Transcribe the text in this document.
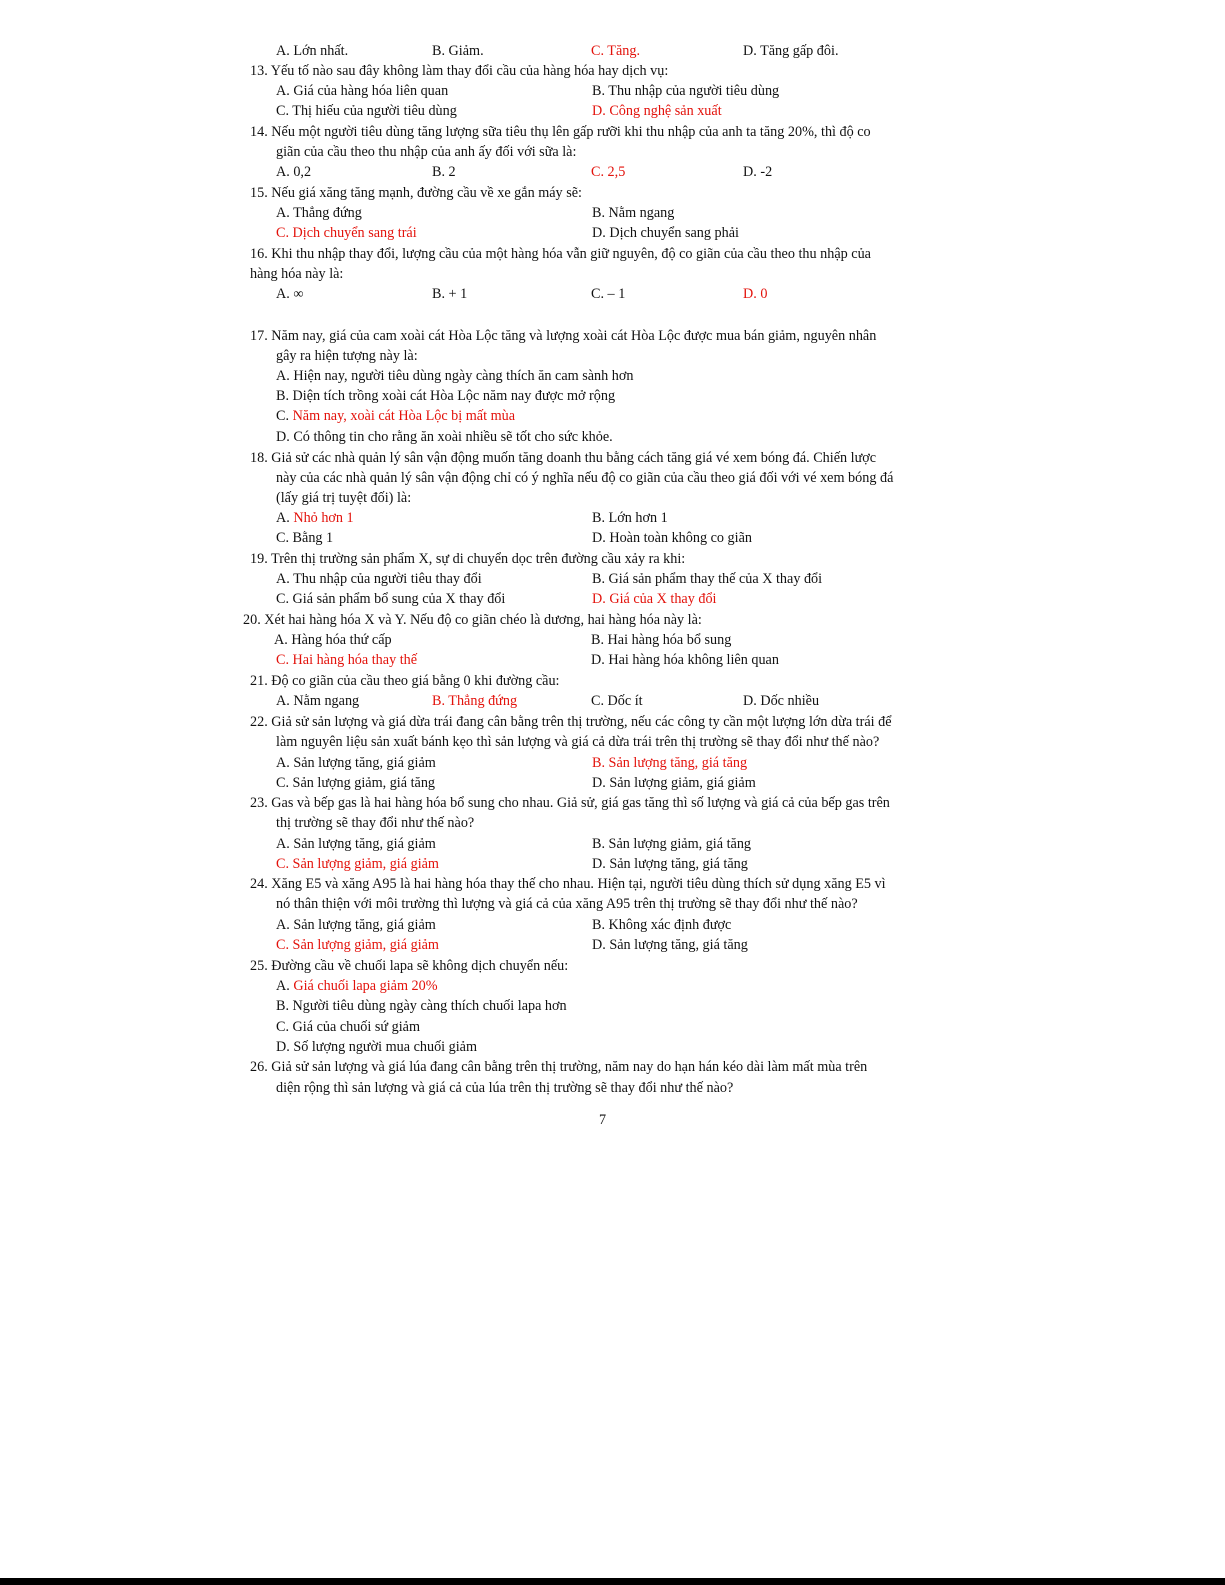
A. Lớn nhất.	B. Giảm.	C. Tăng.	D. Tăng gấp đôi.
13. Yếu tố nào sau đây không làm thay đổi cầu của hàng hóa hay dịch vụ:
A. Giá của hàng hóa liên quan	B. Thu nhập của người tiêu dùng
C. Thị hiếu của người tiêu dùng	D. Công nghệ sản xuất
14. Nếu một người tiêu dùng tăng lượng sữa tiêu thụ lên gấp rưỡi khi thu nhập của anh ta tăng 20%, thì độ co
giãn của cầu theo thu nhập của anh ấy đối với sữa là:
A. 0,2	B. 2	C. 2,5	D. -2
15. Nếu giá xăng tăng mạnh, đường cầu về xe gắn máy sẽ:
A. Thẳng đứng	B. Nằm ngang
C. Dịch chuyển sang trái	D. Dịch chuyển sang phải
16. Khi thu nhập thay đổi, lượng cầu của một hàng hóa vẫn giữ nguyên, độ co giãn của cầu theo thu nhập của
hàng hóa này là:
A. ∞	B. + 1	C. – 1	D. 0
17. Năm nay, giá của cam xoài cát Hòa Lộc tăng và lượng xoài cát Hòa Lộc được mua bán giảm, nguyên nhân
gây ra hiện tượng này là:
A. Hiện nay, người tiêu dùng ngày càng thích ăn cam sành hơn
B. Diện tích trồng xoài cát Hòa Lộc năm nay được mở rộng
C. Năm nay, xoài cát Hòa Lộc bị mất mùa
D. Có thông tin cho rằng ăn xoài nhiều sẽ tốt cho sức khỏe.
18. Giả sử các nhà quản lý sân vận động muốn tăng doanh thu bằng cách tăng giá vé xem bóng đá. Chiến lược
này của các nhà quản lý sân vận động chỉ có ý nghĩa nếu độ co giãn của cầu theo giá đối với vé xem bóng đá
(lấy giá trị tuyệt đối) là:
A. Nhỏ hơn 1	B. Lớn hơn 1
C. Bằng 1	D. Hoàn toàn không co giãn
19. Trên thị trường sản phẩm X, sự di chuyển dọc trên đường cầu xảy ra khi:
A. Thu nhập của người tiêu thay đổi	B. Giá sản phẩm thay thế của X thay đổi
C. Giá sản phẩm bổ sung của X thay đổi	D. Giá của X thay đổi
20. Xét hai hàng hóa X và Y. Nếu độ co giãn chéo là dương, hai hàng hóa này là:
A. Hàng hóa thứ cấp	B. Hai hàng hóa bổ sung
C. Hai hàng hóa thay thế	D. Hai hàng hóa không liên quan
21. Độ co giãn của cầu theo giá bằng 0 khi đường cầu:
A. Nằm ngang	B. Thẳng đứng	C. Dốc ít	D. Dốc nhiều
22. Giả sử sản lượng và giá dừa trái đang cân bằng trên thị trường, nếu các công ty cần một lượng lớn dừa trái để
làm nguyên liệu sản xuất bánh kẹo thì sản lượng và giá cả dừa trái trên thị trường sẽ thay đổi như thế nào?
A. Sản lượng tăng, giá giảm	B. Sản lượng tăng, giá tăng
C. Sản lượng giảm, giá tăng	D. Sản lượng giảm, giá giảm
23. Gas và bếp gas là hai hàng hóa bổ sung cho nhau. Giả sử, giá gas tăng thì số lượng và giá cả của bếp gas trên
thị trường sẽ thay đổi như thế nào?
A. Sản lượng tăng, giá giảm	B. Sản lượng giảm, giá tăng
C. Sản lượng giảm, giá giảm	D. Sản lượng tăng, giá tăng
24. Xăng E5 và xăng A95 là hai hàng hóa thay thế cho nhau. Hiện tại, người tiêu dùng thích sử dụng xăng E5 vì
nó thân thiện với môi trường thì lượng và giá cả của xăng A95 trên thị trường sẽ thay đổi như thế nào?
A. Sản lượng tăng, giá giảm	B. Không xác định được
C. Sản lượng giảm, giá giảm	D. Sản lượng tăng, giá tăng
25. Đường cầu về chuối lapa sẽ không dịch chuyển nếu:
A. Giá chuối lapa giảm 20%
B. Người tiêu dùng ngày càng thích chuối lapa hơn
C. Giá của chuối sứ giảm
D. Số lượng người mua chuối giảm
26. Giả sử sản lượng và giá lúa đang cân bằng trên thị trường, năm nay do hạn hán kéo dài làm mất mùa trên
diện rộng thì sản lượng và giá cả của lúa trên thị trường sẽ thay đổi như thế nào?
7
